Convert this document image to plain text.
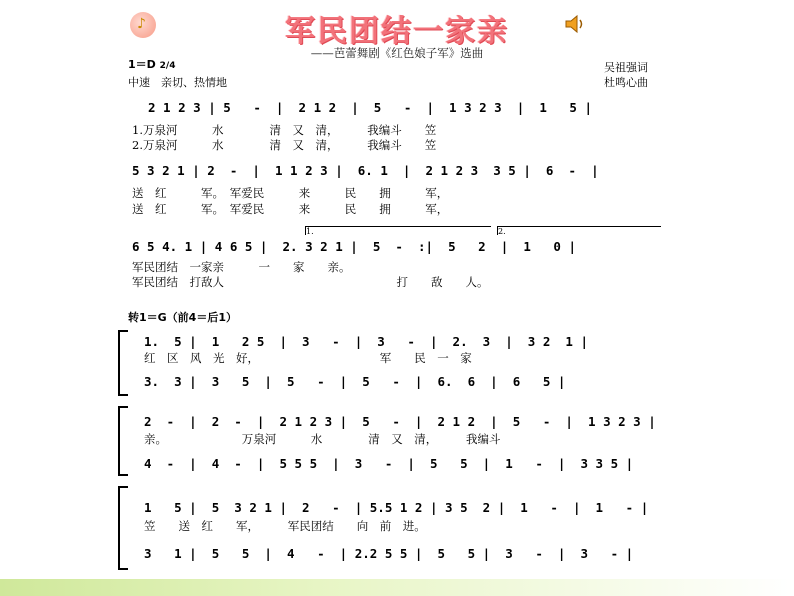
♪	军民团结一家亲
——芭蕾舞剧《红色娘子军》选曲
1＝D 2/4
中速　亲切、热情地
吴祖强词
杜鸣心曲
2 1 2 3 | 5   -  |  2 1 2  |  5   -  |  1 3 2 3  |  1   5 |
1.万泉河　　　水　　　　清　又　清，　　　我编斗　　笠
2.万泉河　　　水　　　　清　又　清，　　　我编斗　　笠
5 3 2 1 | 2  -  |  1 1 2 3 |  6. 1  |  2 1 2 3  3 5 |  6  -  |
送　红　　　军。　军爱民　　　来　　　民　　拥　　　军，
送　红　　　军。　军爱民　　　来　　　民　　拥　　　军，
1.	2.
6 5 4. 1 | 4 6 5 |  2. 3 2 1 |  5  -  :|  5   2  |  1   0 |
军民团结　一家亲　　　一　　家　　亲。
军民团结　打敌人　　　　　　　　　　　　　　　打　　敌　　人。
转1＝G（前4＝后1）
1.  5 |  1   2 5  |  3   -  |  3   -  |  2.  3  |  3 2  1 |
红　区　风　光　好，　　　　　　　　　　　军　　民　一　家
3.  3 |  3   5  |  5   -  |  5   -  |  6.  6  |  6   5 |
2  -  |  2  -  |  2 1 2 3 |  5   -  |  2 1 2  |  5   -  |  1 3 2 3 |
亲。　　　　　　　万泉河　　　水　　　　清　又　清，　　　我编斗
4  -  |  4  -  |  5 5 5  |  3   -  |  5   5  |  1   -  |  3 3 5 |
1   5 |  5  3 2 1 |  2   -  | 5.5 1 2 | 3 5  2 |  1   -  |  1   - |
笠　　送　红　　军，　　　军民团结　　向　前　进。
3   1 |  5   5  |  4   -  | 2.2 5 5 |  5   5 |  3   -  |  3   - |
